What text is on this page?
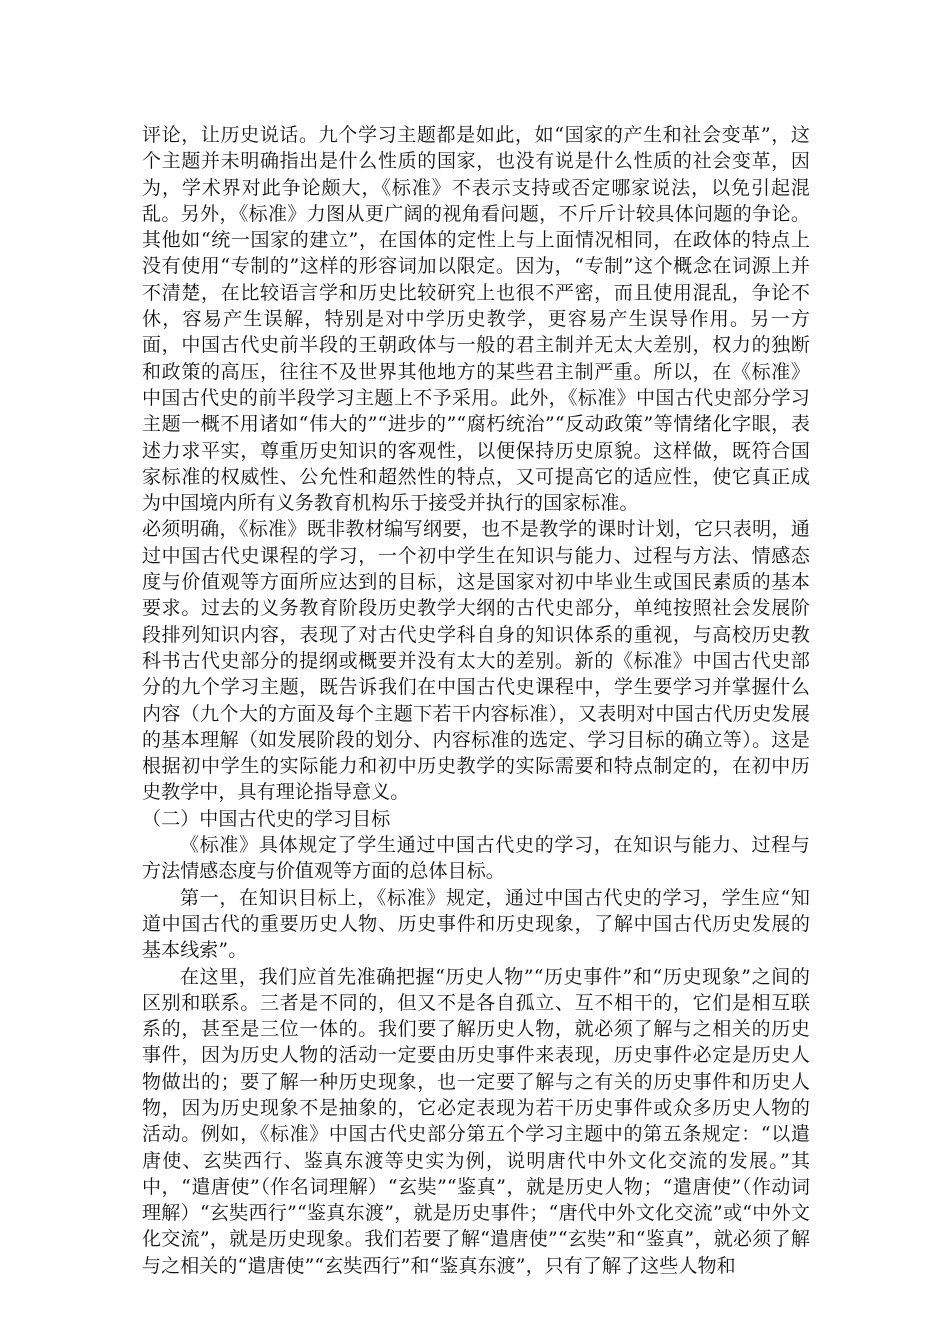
评论，让历史说话。九个学习主题都是如此，如“国家的产生和社会变革”，这个主题并未明确指出是什么性质的国家，也没有说是什么性质的社会变革，因为，学术界对此争论颇大，《标准》不表示支持或否定哪家说法，以免引起混乱。另外，《标准》力图从更广阔的视角看问题，不斤斤计较具体问题的争论。其他如“统一国家的建立”，在国体的定性上与上面情况相同，在政体的特点上没有使用“专制的”这样的形容词加以限定。因为，“专制”这个概念在词源上并不清楚，在比较语言学和历史比较研究上也很不严密，而且使用混乱，争论不休，容易产生误解，特别是对中学历史教学，更容易产生误导作用。另一方面，中国古代史前半段的王朝政体与一般的君主制并无太大差别，权力的独断和政策的高压，往往不及世界其他地方的某些君主制严重。所以，在《标准》中国古代史的前半段学习主题上不予采用。此外，《标准》中国古代史部分学习主题一概不用诸如“伟大的”“进步的”“腐朽统治”“反动政策”等情绪化字眼，表述力求平实，尊重历史知识的客观性，以便保持历史原貌。这样做，既符合国家标准的权威性、公允性和超然性的特点，又可提高它的适应性，使它真正成为中国境内所有义务教育机构乐于接受并执行的国家标准。

必须明确，《标准》既非教材编写纲要，也不是教学的课时计划，它只表明，通过中国古代史课程的学习，一个初中学生在知识与能力、过程与方法、情感态度与价值观等方面所应达到的目标，这是国家对初中毕业生或国民素质的基本要求。过去的义务教育阶段历史教学大纲的古代史部分，单纯按照社会发展阶段排列知识内容，表现了对古代史学科自身的知识体系的重视，与高校历史教科书古代史部分的提纲或概要并没有太大的差别。新的《标准》中国古代史部分的九个学习主题，既告诉我们在中国古代史课程中，学生要学习并掌握什么内容（九个大的方面及每个主题下若干内容标准），又表明对中国古代历史发展的基本理解（如发展阶段的划分、内容标准的选定、学习目标的确立等）。这是根据初中学生的实际能力和初中历史教学的实际需要和特点制定的，在初中历史教学中，具有理论指导意义。

（二）中国古代史的学习目标

《标准》具体规定了学生通过中国古代史的学习，在知识与能力、过程与方法情感态度与价值观等方面的总体目标。

第一，在知识目标上，《标准》规定，通过中国古代史的学习，学生应“知道中国古代的重要历史人物、历史事件和历史现象，了解中国古代历史发展的基本线索”。

在这里，我们应首先准确把握“历史人物”“历史事件”和“历史现象”之间的区别和联系。三者是不同的，但又不是各自孤立、互不相干的，它们是相互联系的，甚至是三位一体的。我们要了解历史人物，就必须了解与之相关的历史事件，因为历史人物的活动一定要由历史事件来表现，历史事件必定是历史人物做出的；要了解一种历史现象，也一定要了解与之有关的历史事件和历史人物，因为历史现象不是抽象的，它必定表现为若干历史事件或众多历史人物的活动。例如，《标准》中国古代史部分第五个学习主题中的第五条规定：“以遣唐使、玄奘西行、鉴真东渡等史实为例，说明唐代中外文化交流的发展。”其中，“遣唐使”（作名词理解）“玄奘”“鉴真”，就是历史人物；“遣唐使”（作动词理解）“玄奘西行”“鉴真东渡”，就是历史事件；“唐代中外文化交流”或“中外文化交流”，就是历史现象。我们若要了解“遣唐使”“玄奘”和“鉴真”，就必须了解与之相关的“遣唐使”“玄奘西行”和“鉴真东渡”，只有了解了这些人物和
